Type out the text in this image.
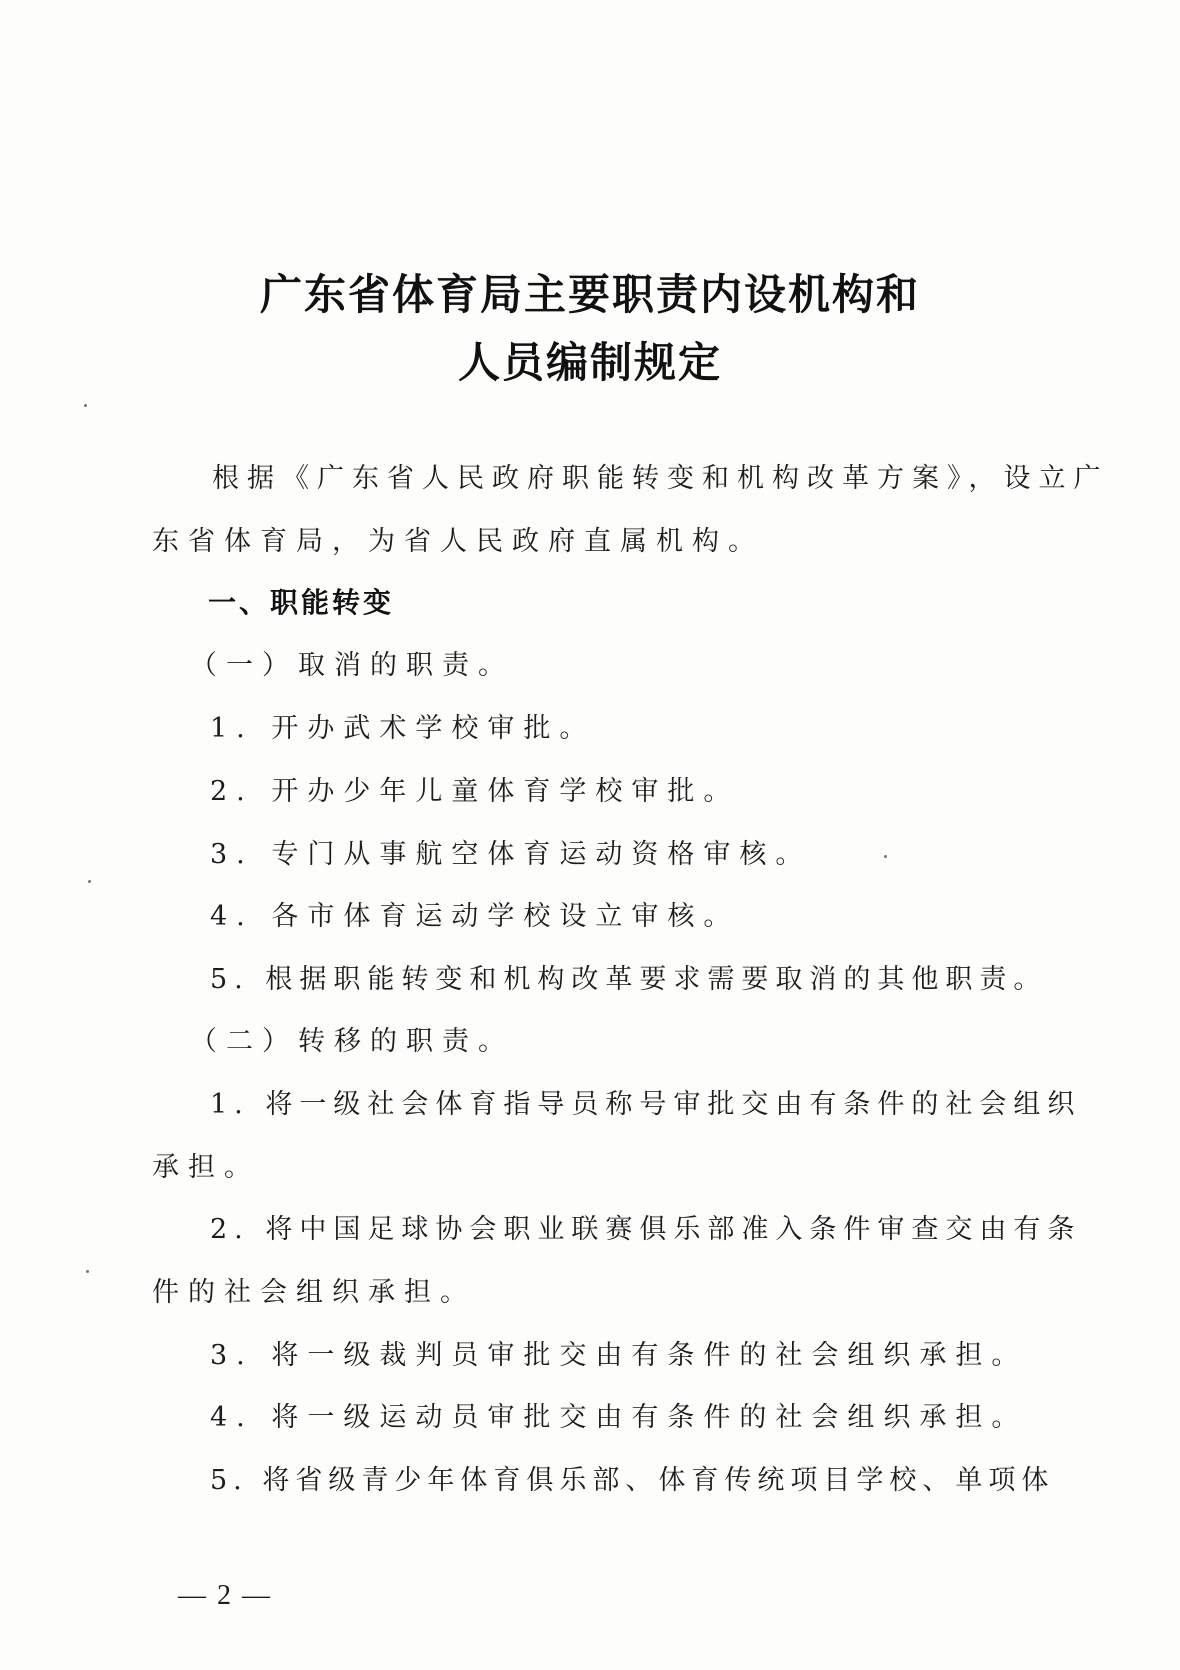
广东省体育局主要职责内设机构和
人员编制规定
根据《广东省人民政府职能转变和机构改革方案》，设立广
东省体育局，为省人民政府直属机构。
一、职能转变
（一）取消的职责。
1. 开办武术学校审批。
2. 开办少年儿童体育学校审批。
3. 专门从事航空体育运动资格审核。
4. 各市体育运动学校设立审核。
5. 根据职能转变和机构改革要求需要取消的其他职责。
（二）转移的职责。
1. 将一级社会体育指导员称号审批交由有条件的社会组织
承担。
2. 将中国足球协会职业联赛俱乐部准入条件审查交由有条
件的社会组织承担。
3. 将一级裁判员审批交由有条件的社会组织承担。
4. 将一级运动员审批交由有条件的社会组织承担。
5. 将省级青少年体育俱乐部、体育传统项目学校、单项体
— 2 —
